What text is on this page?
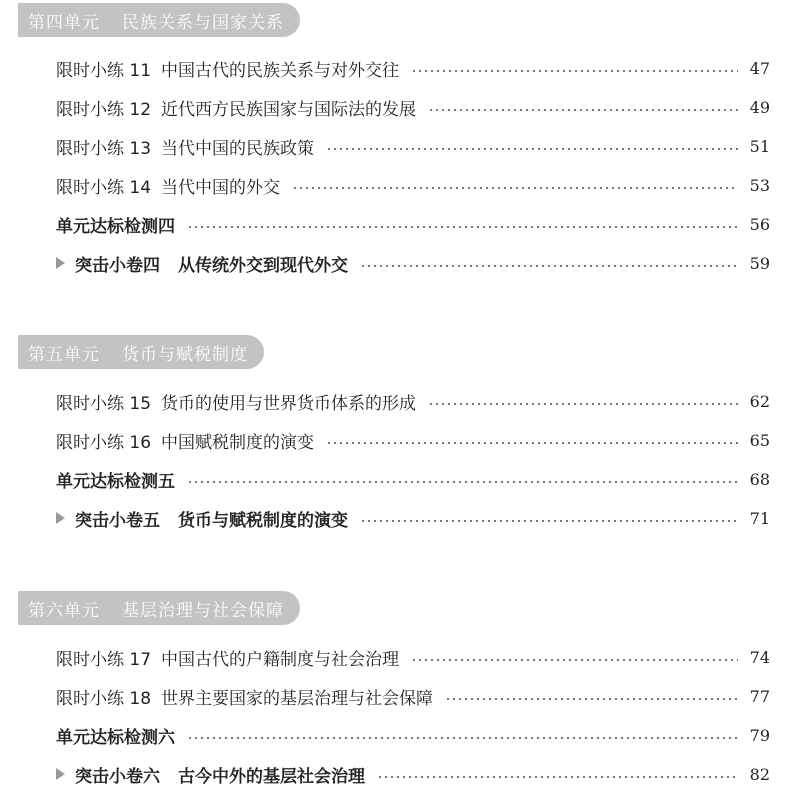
第四单元 民族关系与国家关系
限时小练 11 中国古代的民族关系与对外交往	47
限时小练 12 近代西方民族国家与国际法的发展	49
限时小练 13 当代中国的民族政策	51
限时小练 14 当代中国的外交	53
单元达标检测四	56
突击小卷四 从传统外交到现代外交	59
第五单元 货币与赋税制度
限时小练 15 货币的使用与世界货币体系的形成	62
限时小练 16 中国赋税制度的演变	65
单元达标检测五	68
突击小卷五 货币与赋税制度的演变	71
第六单元 基层治理与社会保障
限时小练 17 中国古代的户籍制度与社会治理	74
限时小练 18 世界主要国家的基层治理与社会保障	77
单元达标检测六	79
突击小卷六 古今中外的基层社会治理	82
